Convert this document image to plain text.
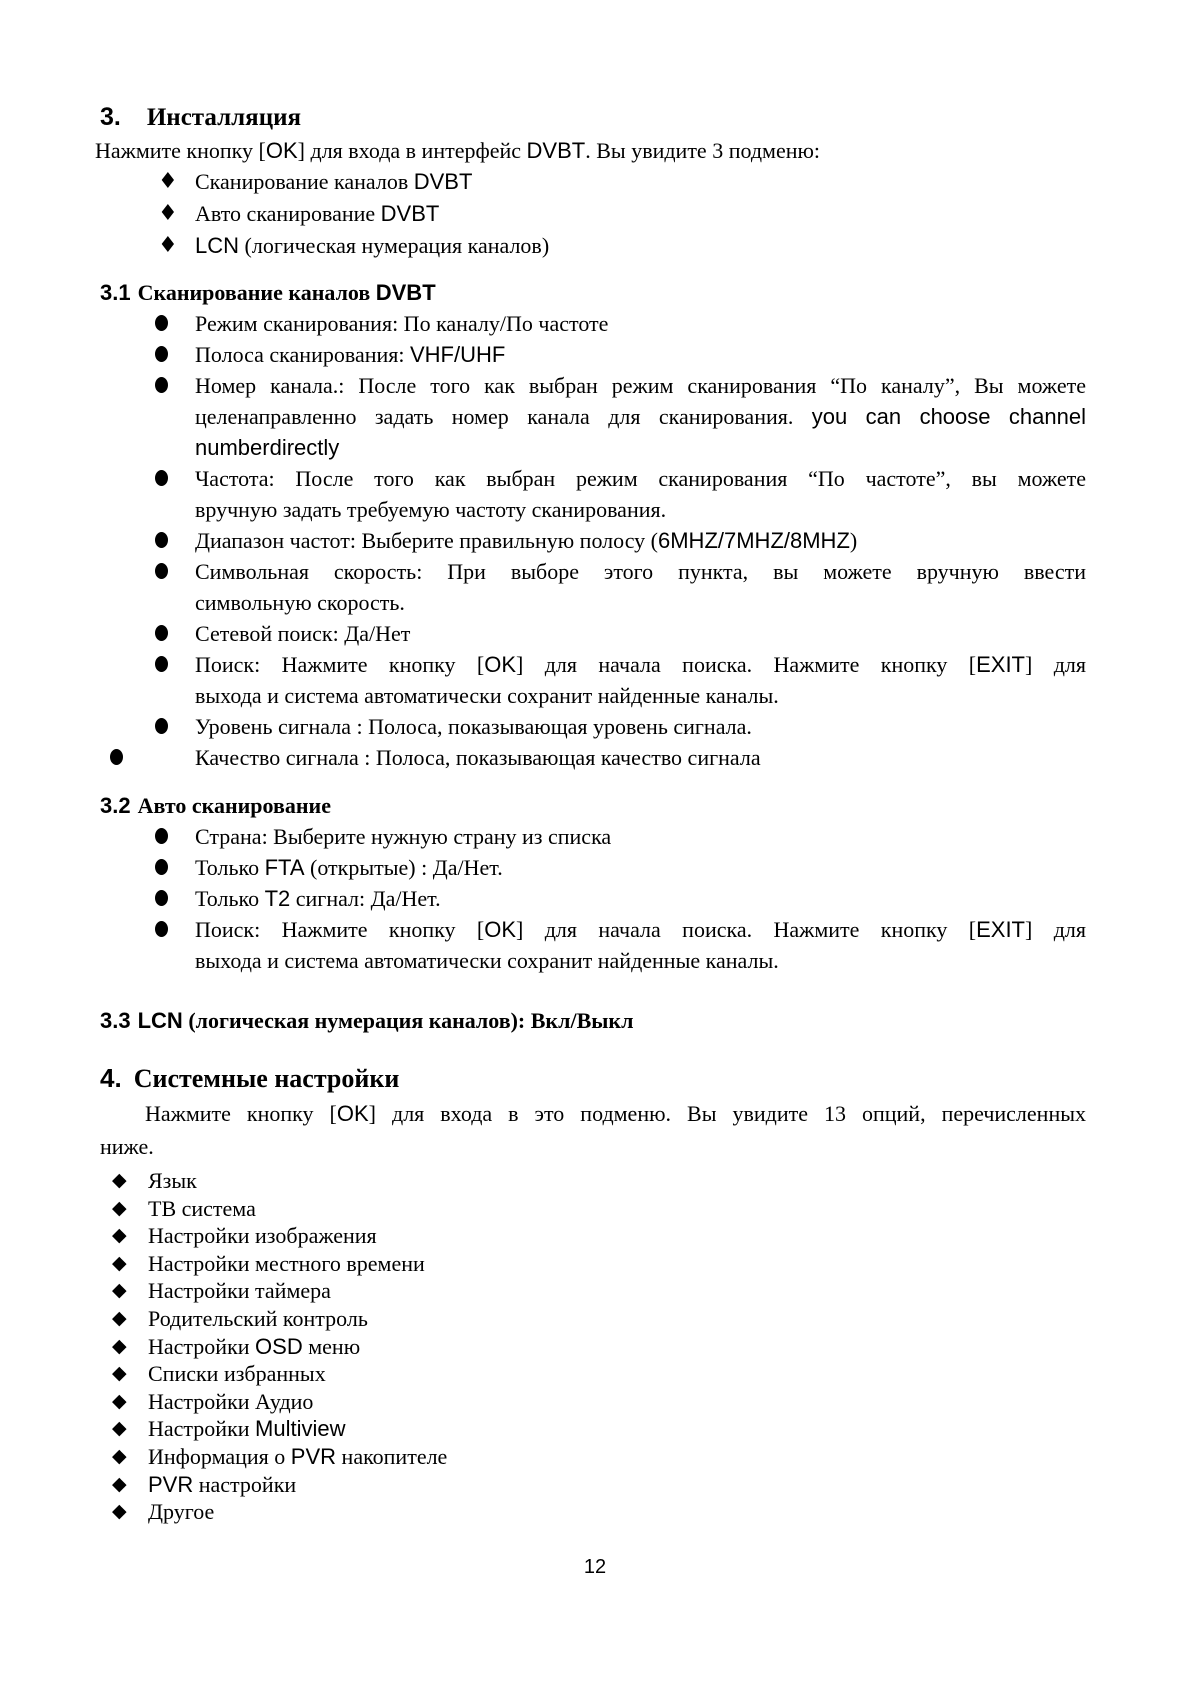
3. Инсталляция
Нажмите кнопку [OK] для входа в интерфейс DVBT. Вы увидите 3 подменю:
♦ Сканирование каналов DVBT
♦ Авто сканирование DVBT
♦ LCN (логическая нумерация каналов)
3.1 Сканирование каналов DVBT
Режим сканирования: По каналу/По частоте
Полоса сканирования: VHF/UHF
Номер канала.: После того как выбран режим сканирования “По каналу”, Вы можете
целенаправленно задать номер канала для сканирования. you can choose channel
numberdirectly
Частота: После того как выбран режим сканирования “По частоте”, вы можете
вручную задать требуемую частоту сканирования.
Диапазон частот: Выберите правильную полосу (6MHZ/7MHZ/8MHZ)
Символьная скорость: При выборе этого пункта, вы можете вручную ввести
символьную скорость.
Сетевой поиск: Да/Нет
Поиск: Нажмите кнопку [OK] для начала поиска. Нажмите кнопку [EXIT] для
выхода и система автоматически сохранит найденные каналы.
Уровень сигнала : Полоса, показывающая уровень сигнала.
Качество сигнала : Полоса, показывающая качество сигнала
3.2 Авто сканирование
Страна: Выберите нужную страну из списка
Только FTA (открытые) : Да/Нет.
Только T2 сигнал: Да/Нет.
Поиск: Нажмите кнопку [OK] для начала поиска. Нажмите кнопку [EXIT] для
выхода и система автоматически сохранит найденные каналы.
3.3 LCN (логическая нумерация каналов): Вкл/Выкл
4. Системные настройки
Нажмите кнопку [OK] для входа в это подменю. Вы увидите 13 опций, перечисленных
ниже.
◆ Язык
◆ ТВ система
◆ Настройки изображения
◆ Настройки местного времени
◆ Настройки таймера
◆ Родительский контроль
◆ Настройки OSD меню
◆ Списки избранных
◆ Настройки Аудио
◆ Настройки Multiview
◆ Информация о PVR накопителе
◆ PVR настройки
◆ Другое
12
